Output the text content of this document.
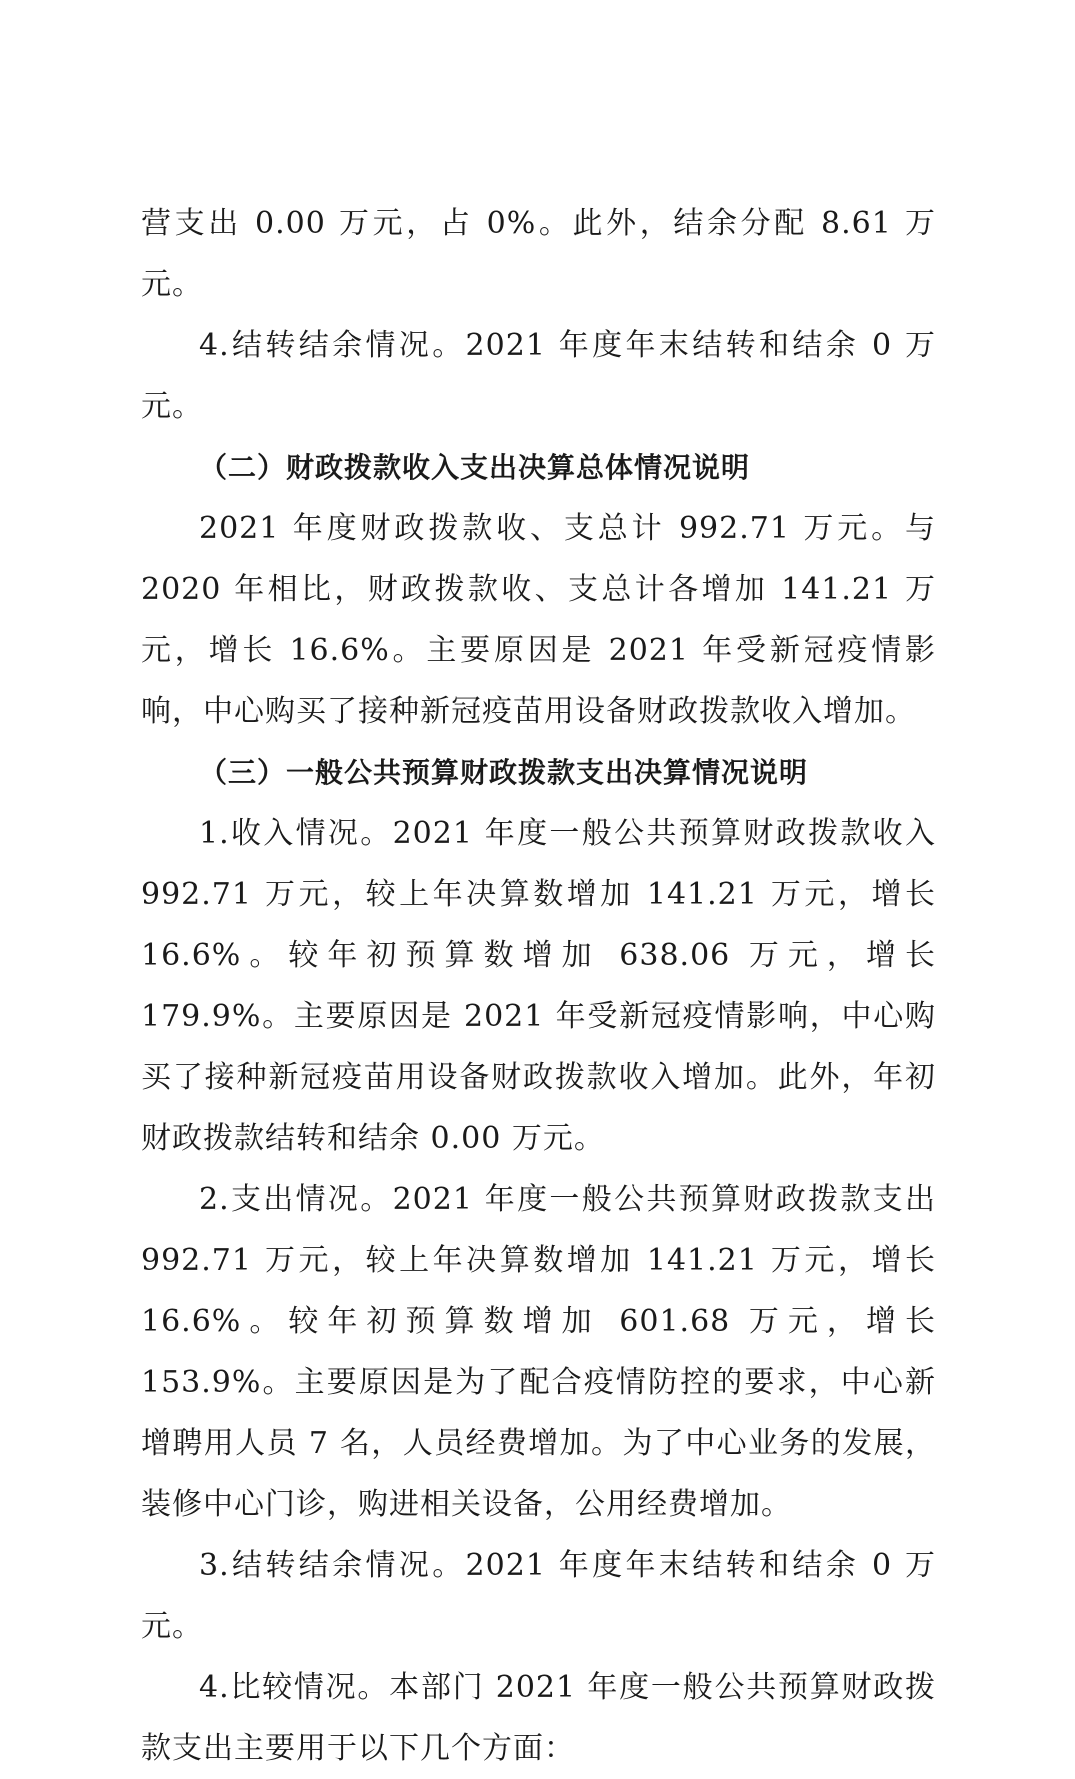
营支出 0.00 万元，占 0%。此外，结余分配 8.61 万元。

4.结转结余情况。2021 年度年末结转和结余 0 万元。

（二）财政拨款收入支出决算总体情况说明

2021 年度财政拨款收、支总计 992.71 万元。与 2020 年相比，财政拨款收、支总计各增加 141.21 万元，增长 16.6%。主要原因是 2021 年受新冠疫情影响，中心购买了接种新冠疫苗用设备财政拨款收入增加。

（三）一般公共预算财政拨款支出决算情况说明

1.收入情况。2021 年度一般公共预算财政拨款收入 992.71 万元，较上年决算数增加 141.21 万元，增长 16.6%。较年初预算数增加 638.06 万元，增长 179.9%。主要原因是 2021 年受新冠疫情影响，中心购买了接种新冠疫苗用设备财政拨款收入增加。此外，年初财政拨款结转和结余 0.00 万元。

2.支出情况。2021 年度一般公共预算财政拨款支出 992.71 万元，较上年决算数增加 141.21 万元，增长 16.6%。较年初预算数增加 601.68 万元，增长 153.9%。主要原因是为了配合疫情防控的要求，中心新增聘用人员 7 名，人员经费增加。为了中心业务的发展，装修中心门诊，购进相关设备，公用经费增加。

3.结转结余情况。2021 年度年末结转和结余 0 万元。

4.比较情况。本部门 2021 年度一般公共预算财政拨款支出主要用于以下几个方面：
